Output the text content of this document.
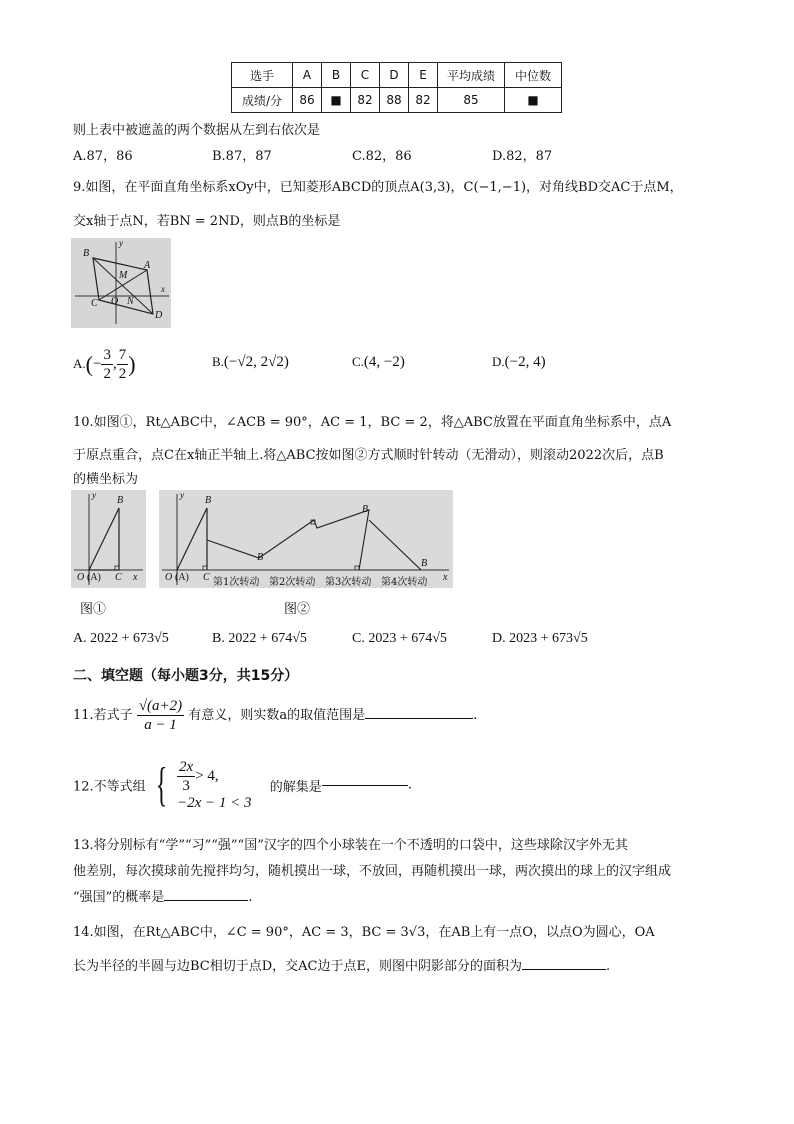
选手	A	B	C	D	E	平均成绩	中位数
成绩/分	86	■	82	88	82	85	■
则上表中被遮盖的两个数据从左到右依次是
A.87，86	B.87，87	C.82，86	D.82，87
9.如图，在平面直角坐标系xOy中，已知菱形ABCD的顶点A(3,3)，C(−1,−1)，对角线BD交AC于点M，
交x轴于点N，若BN = 2ND，则点B的坐标是
B
A
M
C O N
D
x
y
$A.(- \frac{3}{2}$ , $\frac{7}{2}$ )	B.(−√2, 2√2)	C.(4, −2)	D.(−2, 4)
10.如图①，Rt△ABC中，∠ACB = 90°，AC = 1，BC = 2，将△ABC放置在平面直角坐标系中，点A
于原点重合，点C在x轴正半轴上.将△ABC按如图②方式顺时针转动（无滑动），则滚动2022次后，点B
的横坐标为
B
O (A) C x
y	B
B
B
B
O (A) C	x
y
第1次转动 第2次转动 第3次转动 第4次转动
图①	图②
A. 2022 + 673√5	B. 2022 + 674√5	C. 2023 + 674√5	D. 2023 + 673√5
二、填空题（每小题3分，共15分）
11.若式子 $\frac{√(a+2)}{a - 1}$ 有意义，则实数a的取值范围是	.
12.不等式组 { $\frac{2x}{3} > 4$,
−2x − 1 < 3
的解集是	.
13.将分别标有“学”“习”“强”“国”汉字的四个小球装在一个不透明的口袋中，这些球除汉字外无其
他差别，每次摸球前先搅拌均匀，随机摸出一球，不放回，再随机摸出一球，两次摸出的球上的汉字组成
“强国”的概率是	.
14.如图，在Rt△ABC中，∠C = 90°，AC = 3，BC = 3√3，在AB上有一点O，以点O为圆心，OA
长为半径的半圆与边BC相切于点D，交AC边于点E，则图中阴影部分的面积为	.
